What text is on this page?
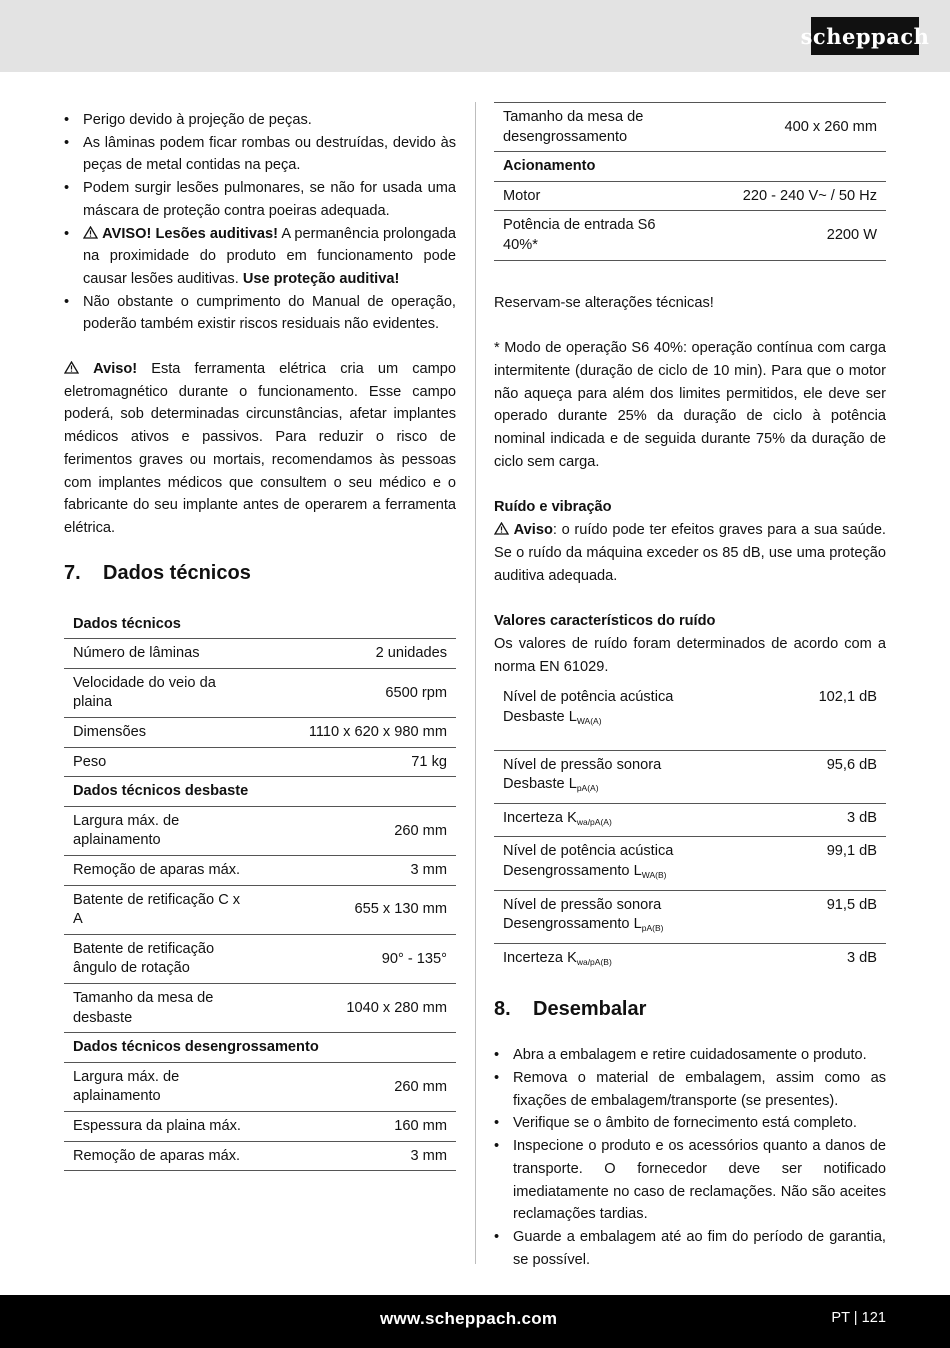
scheppach
• Perigo devido à projeção de peças.
• As lâminas podem ficar rombas ou destruídas, devido às peças de metal contidas na peça.
• Podem surgir lesões pulmonares, se não for usada uma máscara de proteção contra poeiras adequada.
• AVISO! Lesões auditivas! A permanência prolongada na proximidade do produto em funcionamento pode causar lesões auditivas. Use proteção auditiva!
• Não obstante o cumprimento do Manual de operação, poderão também existir riscos residuais não evidentes.

Aviso! Esta ferramenta elétrica cria um campo eletromagnético durante o funcionamento. Esse campo poderá, sob determinadas circunstâncias, afetar implantes médicos ativos e passivos. Para reduzir o risco de ferimentos graves ou mortais, recomendamos às pessoas com implantes médicos que consultem o seu médico e o fabricante do seu implante antes de operarem a ferramenta elétrica.

7.	Dados técnicos
Dados técnicos	
Número de lâminas	2 unidades
Velocidade do veio da plaina	6500 rpm
Dimensões	1110 x 620 x 980 mm
Peso	71 kg
Dados técnicos desbaste	
Largura máx. de aplainamento	260 mm
Remoção de aparas máx.	3 mm
Batente de retificação C x A	655 x 130 mm
Batente de retificação ângulo de rotação	90° - 135°
Tamanho da mesa de desbaste	1040 x 280 mm
Dados técnicos desengrossamento	
Largura máx. de aplainamento	260 mm
Espessura da plaina máx.	160 mm
Remoção de aparas máx.	3 mm
Tamanho da mesa de desengrossamento	400 x 260 mm
Acionamento	
Motor	220 - 240 V~ / 50 Hz
Potência de entrada S6 40%*	2200 W

Reservam-se alterações técnicas!

* Modo de operação S6 40%: operação contínua com carga intermitente (duração de ciclo de 10 min). Para que o motor não aqueça para além dos limites permitidos, ele deve ser operado durante 25% da duração de ciclo à potência nominal indicada e de seguida durante 75% da duração de ciclo sem carga.

Ruído e vibração

Aviso: o ruído pode ter efeitos graves para a sua saúde. Se o ruído da máquina exceder os 85 dB, use uma proteção auditiva adequada.

Valores característicos do ruído

Os valores de ruído foram determinados de acordo com a norma EN 61029.

Nível de potência acústica
Desbaste $L_{WA(A)}$	102,1 dB
Nível de pressão sonora
Desbaste $L_{pA(A)}$	95,6 dB
Incerteza $K_{wa/pA(A)}$	3 dB
Nível de potência acústica
Desengrossamento $L_{WA(B)}$	99,1 dB
Nível de pressão sonora
Desengrossamento $L_{pA(B)}$	91,5 dB
Incerteza $K_{wa/pA(B)}$	3 dB
8.	Desembalar
• Abra a embalagem e retire cuidadosamente o produto.
• Remova o material de embalagem, assim como as fixações de embalagem/transporte (se presentes).
• Verifique se o âmbito de fornecimento está completo.
• Inspecione o produto e os acessórios quanto a danos de transporte. O fornecedor deve ser notificado imediatamente no caso de reclamações. Não são aceites reclamações tardias.
• Guarde a embalagem até ao fim do período de garantia, se possível.
www.scheppach.com	PT | 121
